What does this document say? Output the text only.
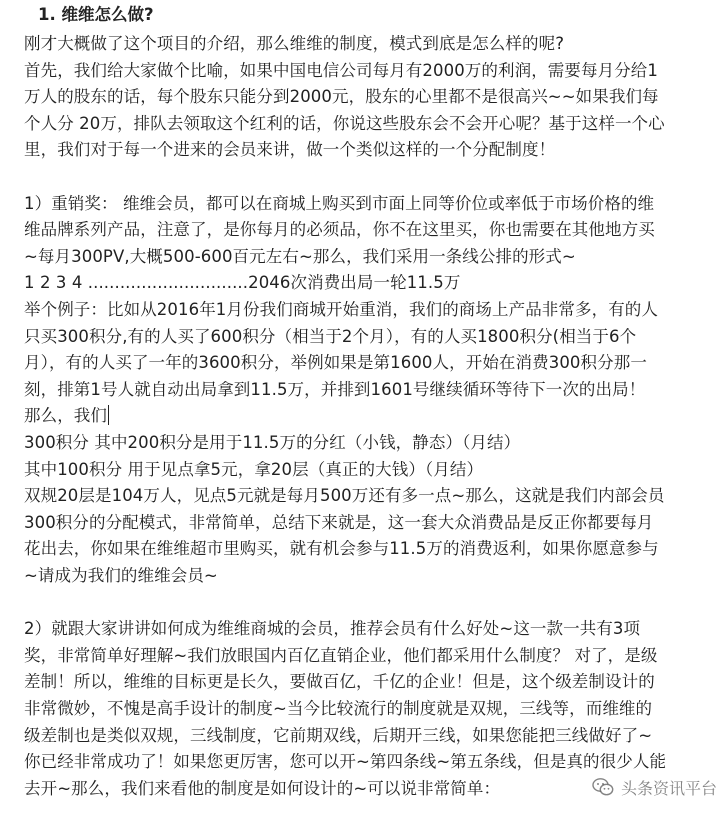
1. 维维怎么做?
刚才大概做了这个项目的介绍，那么维维的制度，模式到底是怎么样的呢?
首先，我们给大家做个比喻，如果中国电信公司每月有2000万的利润，需要每月分给1
万人的股东的话，每个股东只能分到2000元，股东的心里都不是很高兴~~如果我们每
个人分 20万，排队去领取这个红利的话，你说这些股东会不会开心呢？基于这样一个心
里，我们对于每一个进来的会员来讲，做一个类似这样的一个分配制度！
1）重销奖： 维维会员，都可以在商城上购买到市面上同等价位或率低于市场价格的维
维品牌系列产品，注意了，是你每月的必须品，你不在这里买，你也需要在其他地方买
~每月300PV,大概500-600百元左右~那么，我们采用一条线公排的形式~
1 2 3 4 ..............................2046次消费出局一轮11.5万
举个例子：比如从2016年1月份我们商城开始重消，我们的商场上产品非常多，有的人
只买300积分,有的人买了600积分（相当于2个月），有的人买1800积分(相当于6个
月），有的人买了一年的3600积分，举例如果是第1600人，开始在消费300积分那一
刻，排第1号人就自动出局拿到11.5万，并排到1601号继续循环等待下一次的出局！
那么，我们
300积分 其中200积分是用于11.5万的分红（小钱，静态）（月结）
其中100积分 用于见点拿5元，拿20层（真正的大钱）（月结）
双规20层是104万人，见点5元就是每月500万还有多一点~那么，这就是我们内部会员
300积分的分配模式，非常简单，总结下来就是，这一套大众消费品是反正你都要每月
花出去，你如果在维维超市里购买，就有机会参与11.5万的消费返利，如果你愿意参与
~请成为我们的维维会员~
2）就跟大家讲讲如何成为维维商城的会员，推荐会员有什么好处~这一款一共有3项
奖，非常简单好理解~我们放眼国内百亿直销企业，他们都采用什么制度？ 对了，是级
差制！所以，维维的目标更是长久，要做百亿，千亿的企业！但是，这个级差制设计的
非常微妙，不愧是高手设计的制度~当今比较流行的制度就是双规，三线等，而维维的
级差制也是类似双规，三线制度，它前期双线，后期开三线，如果您能把三线做好了~
你已经非常成功了！如果您更厉害，您可以开~第四条线~第五条线，但是真的很少人能
去开~那么，我们来看他的制度是如何设计的~可以说非常简单：	头条资讯平台
